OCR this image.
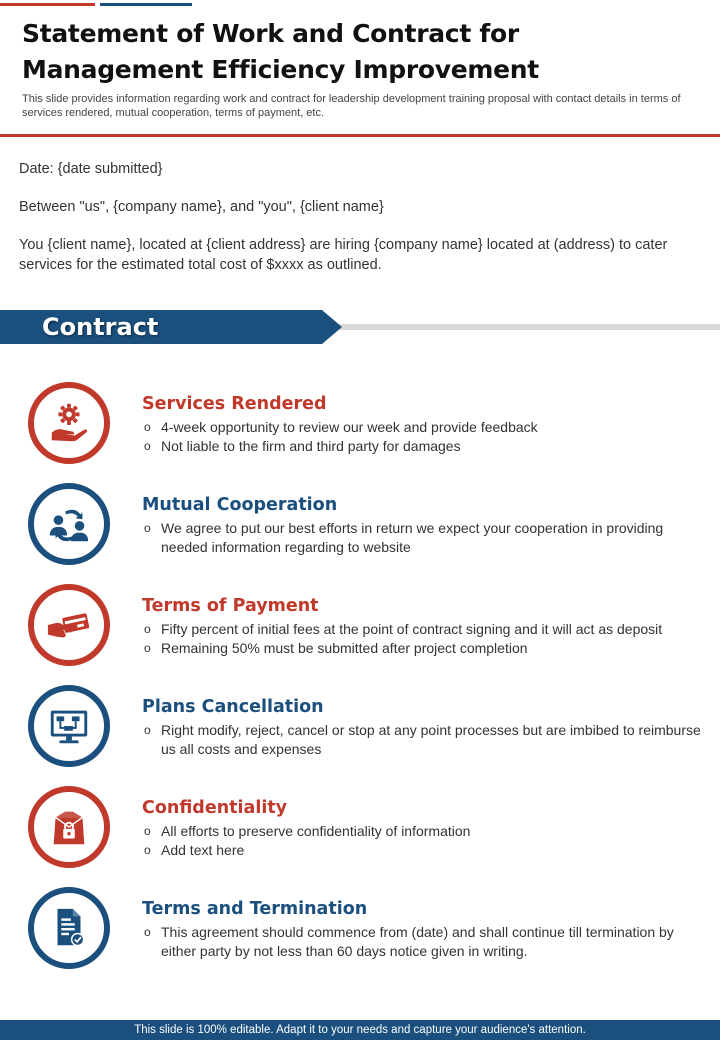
Statement of Work and Contract for Management Efficiency Improvement

This slide provides information regarding work and contract for leadership development training proposal with contact details in terms of services rendered, mutual cooperation, terms of payment, etc.

Date: {date submitted}

Between "us", {company name}, and "you", {client name}

You {client name}, located at {client address} are hiring {company name} located at (address) to cater services for the estimated total cost of $xxxx as outlined.

Contract
Services Rendered
o 4-week opportunity to review our week and provide feedback
o Not liable to the firm and third party for damages
Mutual Cooperation
o We agree to put our best efforts in return we expect your cooperation in providing needed information regarding to website
Terms of Payment
o Fifty percent of initial fees at the point of contract signing and it will act as deposit
o Remaining 50% must be submitted after project completion
Plans Cancellation
o Right modify, reject, cancel or stop at any point processes but are imbibed to reimburse us all costs and expenses
Confidentiality
o All efforts to preserve confidentiality of information
o Add text here
Terms and Termination
o This agreement should commence from (date) and shall continue till termination by either party by not less than 60 days notice given in writing.
This slide is 100% editable. Adapt it to your needs and capture your audience's attention.
